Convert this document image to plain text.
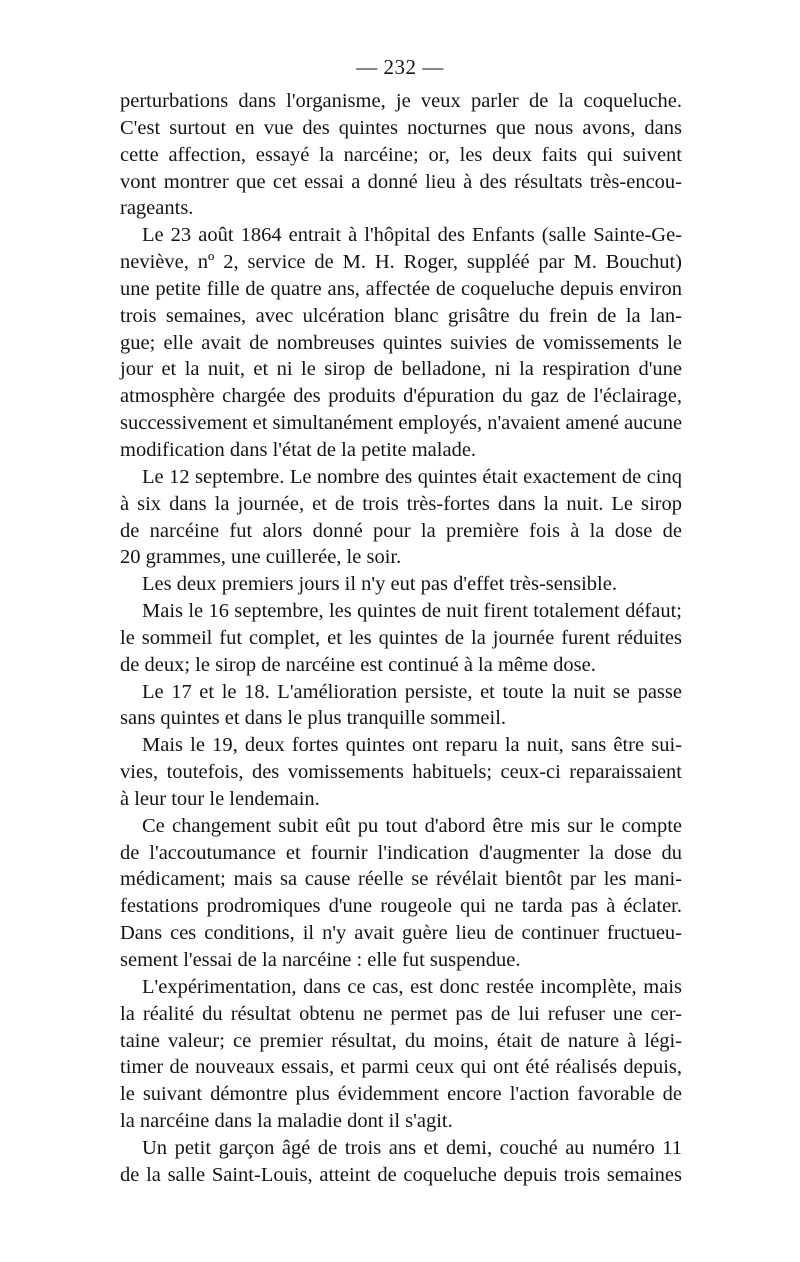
— 232 —
perturbations dans l'organisme, je veux parler de la coqueluche.
C'est surtout en vue des quintes nocturnes que nous avons, dans
cette affection, essayé la narcéine; or, les deux faits qui suivent
vont montrer que cet essai a donné lieu à des résultats très-encou-
rageants.
Le 23 août 1864 entrait à l'hôpital des Enfants (salle Sainte-Ge-
neviève, nº 2, service de M. H. Roger, suppléé par M. Bouchut)
une petite fille de quatre ans, affectée de coqueluche depuis environ
trois semaines, avec ulcération blanc grisâtre du frein de la lan-
gue; elle avait de nombreuses quintes suivies de vomissements le
jour et la nuit, et ni le sirop de belladone, ni la respiration d'une
atmosphère chargée des produits d'épuration du gaz de l'éclairage,
successivement et simultanément employés, n'avaient amené aucune
modification dans l'état de la petite malade.
Le 12 septembre. Le nombre des quintes était exactement de cinq
à six dans la journée, et de trois très-fortes dans la nuit. Le sirop
de narcéine fut alors donné pour la première fois à la dose de
20 grammes, une cuillerée, le soir.
Les deux premiers jours il n'y eut pas d'effet très-sensible.
Mais le 16 septembre, les quintes de nuit firent totalement défaut;
le sommeil fut complet, et les quintes de la journée furent réduites
de deux; le sirop de narcéine est continué à la même dose.
Le 17 et le 18. L'amélioration persiste, et toute la nuit se passe
sans quintes et dans le plus tranquille sommeil.
Mais le 19, deux fortes quintes ont reparu la nuit, sans être sui-
vies, toutefois, des vomissements habituels; ceux-ci reparaissaient
à leur tour le lendemain.
Ce changement subit eût pu tout d'abord être mis sur le compte
de l'accoutumance et fournir l'indication d'augmenter la dose du
médicament; mais sa cause réelle se révélait bientôt par les mani-
festations prodromiques d'une rougeole qui ne tarda pas à éclater.
Dans ces conditions, il n'y avait guère lieu de continuer fructueu-
sement l'essai de la narcéine : elle fut suspendue.
L'expérimentation, dans ce cas, est donc restée incomplète, mais
la réalité du résultat obtenu ne permet pas de lui refuser une cer-
taine valeur; ce premier résultat, du moins, était de nature à légi-
timer de nouveaux essais, et parmi ceux qui ont été réalisés depuis,
le suivant démontre plus évidemment encore l'action favorable de
la narcéine dans la maladie dont il s'agit.
Un petit garçon âgé de trois ans et demi, couché au numéro 11
de la salle Saint-Louis, atteint de coqueluche depuis trois semaines
